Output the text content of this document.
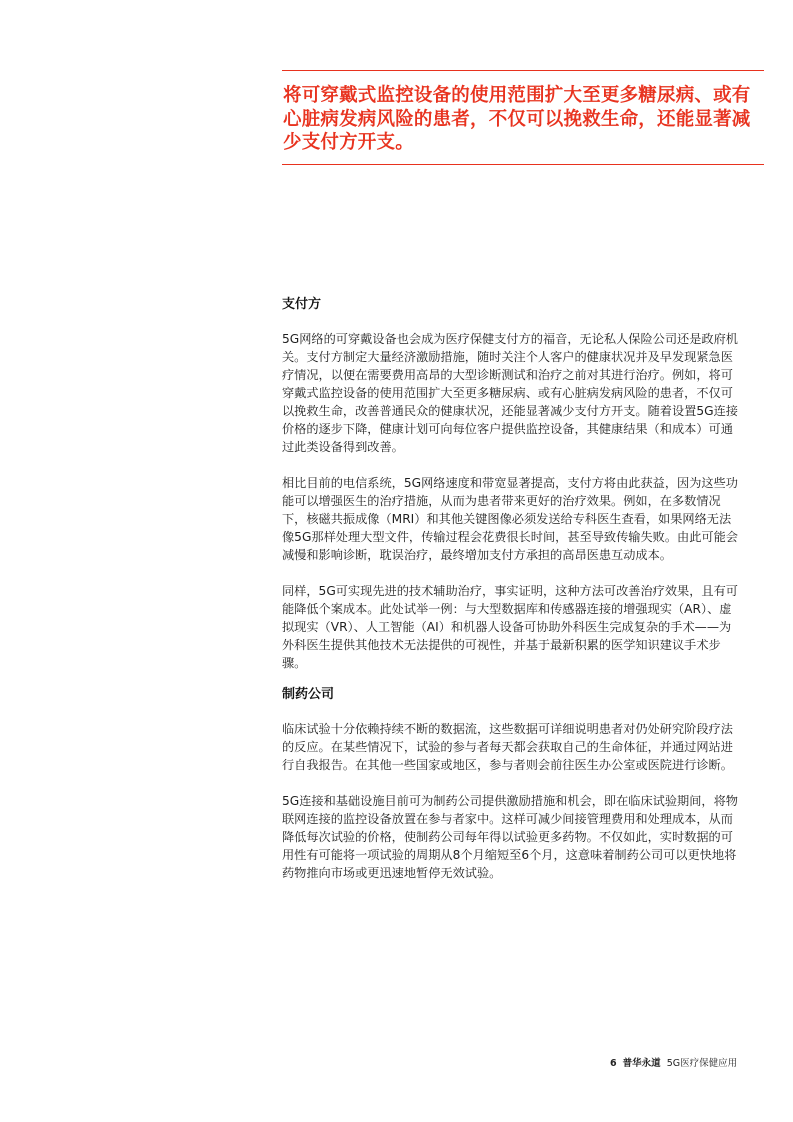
将可穿戴式监控设备的使用范围扩大至更多糖尿病、或有心脏病发病风险的患者，不仅可以挽救生命，还能显著减少支付方开支。

支付方

5G网络的可穿戴设备也会成为医疗保健支付方的福音，无论私人保险公司还是政府机关。支付方制定大量经济激励措施，随时关注个人客户的健康状况并及早发现紧急医疗情况，以便在需要费用高昂的大型诊断测试和治疗之前对其进行治疗。例如，将可穿戴式监控设备的使用范围扩大至更多糖尿病、或有心脏病发病风险的患者，不仅可以挽救生命，改善普通民众的健康状况，还能显著减少支付方开支。随着设置5G连接价格的逐步下降，健康计划可向每位客户提供监控设备，其健康结果（和成本）可通过此类设备得到改善。

相比目前的电信系统，5G网络速度和带宽显著提高，支付方将由此获益，因为这些功能可以增强医生的治疗措施，从而为患者带来更好的治疗效果。例如，在多数情况下，核磁共振成像（MRI）和其他关键图像必须发送给专科医生查看，如果网络无法像5G那样处理大型文件，传输过程会花费很长时间，甚至导致传输失败。由此可能会减慢和影响诊断，耽误治疗，最终增加支付方承担的高昂医患互动成本。

同样，5G可实现先进的技术辅助治疗，事实证明，这种方法可改善治疗效果，且有可能降低个案成本。此处试举一例：与大型数据库和传感器连接的增强现实（AR）、虚拟现实（VR）、人工智能（AI）和机器人设备可协助外科医生完成复杂的手术——为外科医生提供其他技术无法提供的可视性，并基于最新积累的医学知识建议手术步骤。

制药公司

临床试验十分依赖持续不断的数据流，这些数据可详细说明患者对仍处研究阶段疗法的反应。在某些情况下，试验的参与者每天都会获取自己的生命体征，并通过网站进行自我报告。在其他一些国家或地区，参与者则会前往医生办公室或医院进行诊断。

5G连接和基础设施目前可为制药公司提供激励措施和机会，即在临床试验期间，将物联网连接的监控设备放置在参与者家中。这样可减少间接管理费用和处理成本，从而降低每次试验的价格，使制药公司每年得以试验更多药物。不仅如此，实时数据的可用性有可能将一项试验的周期从8个月缩短至6个月，这意味着制药公司可以更快地将药物推向市场或更迅速地暂停无效试验。

6 普华永道 5G医疗保健应用
